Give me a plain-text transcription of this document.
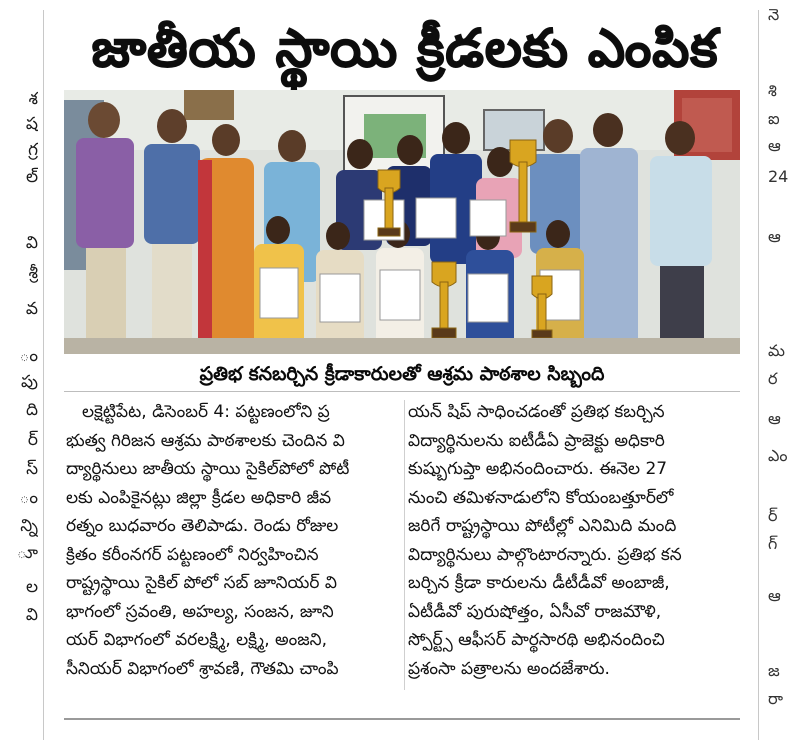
శ
ష
గ్ర
ల్
వి
శ్రీ
వ
ం
పు
ది
ర్
స్
ం
న్ని
ూ
ల
వి
నె
శి
ఐ
ఆ
24
ఆ
మ
ర
ఆ
ఎం
ర్
గ్
ఆ
జ
రా
జాతీయ స్థాయి క్రీడలకు ఎంపిక

ప్రతిభ కనబర్చిన క్రీడాకారులతో ఆశ్రమ పాఠశాల సిబ్బంది

లక్షెట్టిపేట, డిసెంబర్ 4: పట్టణంలోని ప్ర
భుత్వ గిరిజన ఆశ్రమ పాఠశాలకు చెందిన వి
ద్యార్థినులు జాతీయ స్థాయి సైకిల్‌పోలో పోటీ
లకు ఎంపికైనట్లు జిల్లా క్రీడల అధికారి జీవ
రత్నం బుధవారం తెలిపాడు. రెండు రోజుల
క్రితం కరీంనగర్ పట్టణంలో నిర్వహించిన
రాష్ట్రస్థాయి సైకిల్ పోలో సబ్ జూనియర్ వి
భాగంలో స్రవంతి, అహల్య, సంజన, జూని
యర్ విభాగంలో వరలక్ష్మి, లక్ష్మి, అంజని,
సీనియర్ విభాగంలో శ్రావణి, గౌతమి చాంపి
యన్ షిప్ సాధించడంతో ప్రతిభ కబర్చిన
విద్యార్థినులను ఐటీడీఏ ప్రాజెక్టు అధికారి
కుష్బుగుప్తా అభినందించారు. ఈనెల 27
నుంచి తమిళనాడులోని కోయంబత్తూర్‌లో
జరిగే రాష్ట్రస్థాయి పోటీల్లో ఎనిమిది మంది
విద్యార్థినులు పాల్గొంటారన్నారు. ప్రతిభ కన
బర్చిన క్రీడా కారులను డీటీడీవో అంబాజీ,
ఏటీడీవో పురుషోత్తం, ఏసీవో రాజమౌళి,
స్పోర్ట్స్ ఆఫీసర్ పార్థసారథి అభినందించి
ప్రశంసా పత్రాలను అందజేశారు.
